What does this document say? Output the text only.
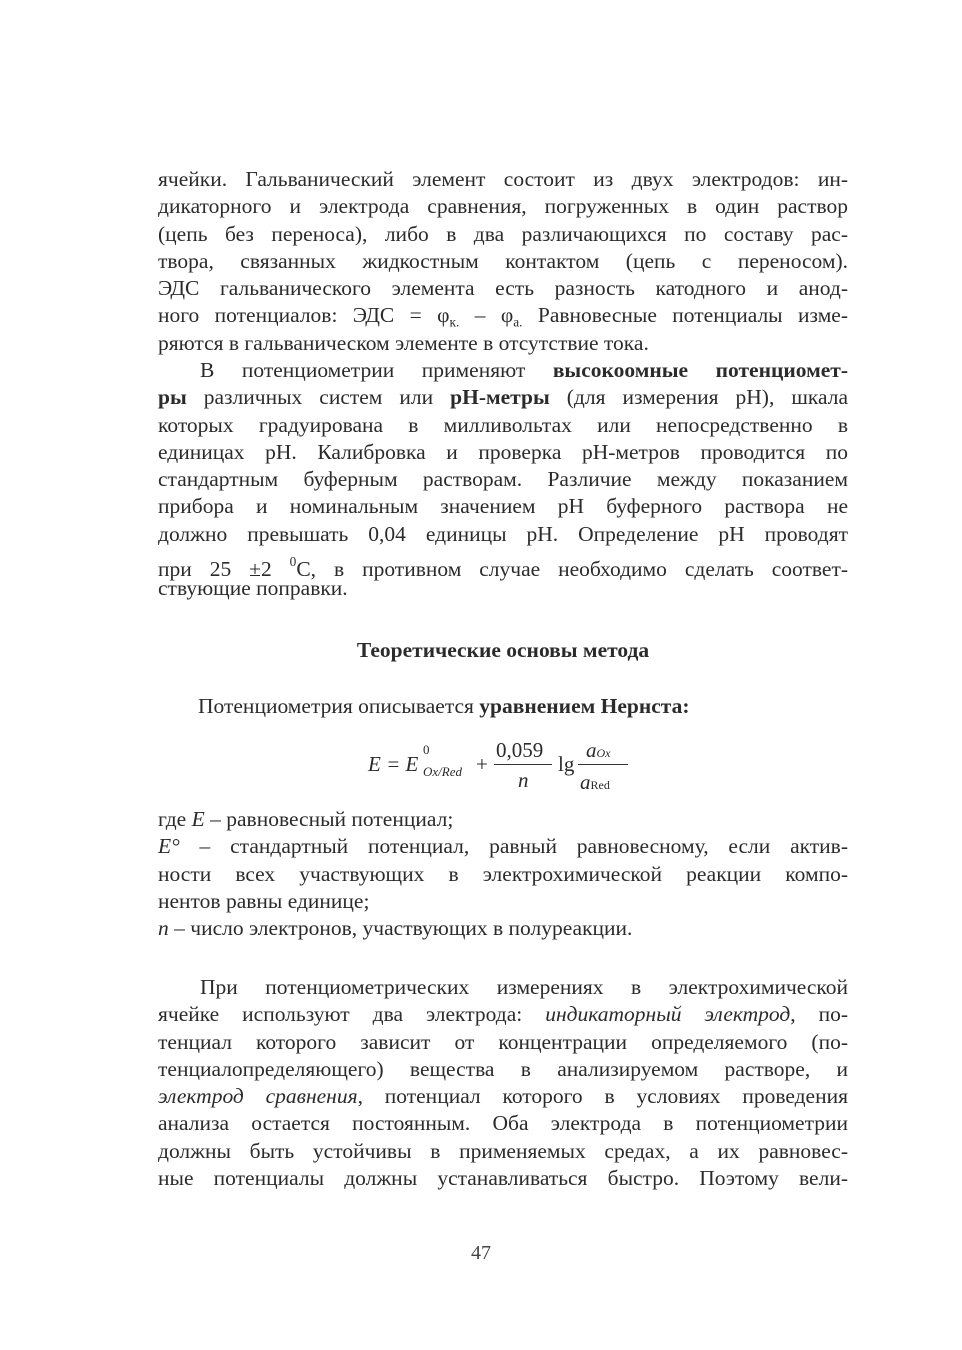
ячейки. Гальванический элемент состоит из двух электродов: ин-
дикаторного и электрода сравнения, погруженных в один раствор
(цепь без переноса), либо в два различающихся по составу рас-
твора, связанных жидкостным контактом (цепь с переносом).
ЭДС гальванического элемента есть разность катодного и анод-
ного потенциалов: ЭДС = $\varphi_{к.} - \varphi_{а.}$ Равновесные потенциалы изме-
ряются в гальваническом элементе в отсутствие тока.
В потенциометрии применяют высокоомные потенциомет-
ры различных систем или рН-метры (для измерения рН), шкала
которых градуирована в милливольтах или непосредственно в
единицах рН. Калибровка и проверка рН-метров проводится по
стандартным буферным растворам. Различие между показанием
прибора и номинальным значением рН буферного раствора не
должно превышать 0,04 единицы рН. Определение рН проводят
при 25 ±2 $^0$С, в противном случае необходимо сделать соответ-
ствующие поправки.
Теоретические основы метода
Потенциометрия описывается уравнением Нернста:
E = E
0
Ox/Red +
0,059
n
lg
aOx
aRed
где E – равновесный потенциал;
E° – стандартный потенциал, равный равновесному, если актив-
ности всех участвующих в электрохимической реакции компо-
нентов равны единице;
n – число электронов, участвующих в полуреакции.
При потенциометрических измерениях в электрохимической
ячейке используют два электрода: индикаторный электрод, по-
тенциал которого зависит от концентрации определяемого (по-
тенциалопределяющего) вещества в анализируемом растворе, и
электрод сравнения, потенциал которого в условиях проведения
анализа остается постоянным. Оба электрода в потенциометрии
должны быть устойчивы в применяемых средах, а их равновес-
ные потенциалы должны устанавливаться быстро. Поэтому вели-
47
